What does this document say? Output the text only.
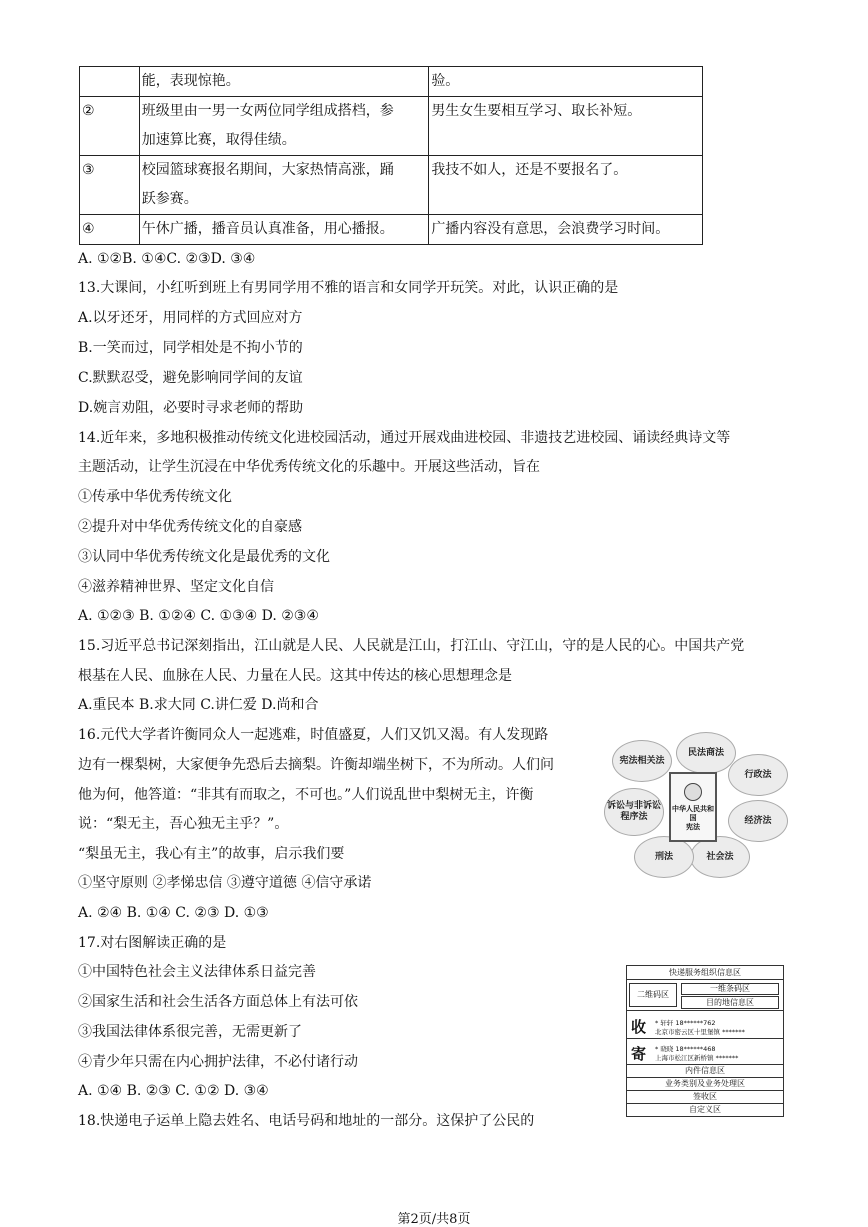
	能，表现惊艳。	验。

②	班级里由一男一女两位同学组成搭档，参
加速算比赛，取得佳绩。	男生女生要相互学习、取长补短。

③	校园篮球赛报名期间，大家热情高涨，踊
跃参赛。	我技不如人，还是不要报名了。

④	午休广播，播音员认真准备，用心播报。	广播内容没有意思，会浪费学习时间。
A. ①②B. ①④C. ②③D. ③④
13.大课间，小红听到班上有男同学用不雅的语言和女同学开玩笑。对此，认识正确的是
A.以牙还牙，用同样的方式回应对方
B.一笑而过，同学相处是不拘小节的
C.默默忍受，避免影响同学间的友谊
D.婉言劝阻，必要时寻求老师的帮助
14.近年来，多地积极推动传统文化进校园活动，通过开展戏曲进校园、非遗技艺进校园、诵读经典诗文等
主题活动，让学生沉浸在中华优秀传统文化的乐趣中。开展这些活动，旨在
①传承中华优秀传统文化
②提升对中华优秀传统文化的自豪感
③认同中华优秀传统文化是最优秀的文化
④滋养精神世界、坚定文化自信
A. ①②③ B. ①②④ C. ①③④ D. ②③④
15.习近平总书记深刻指出，江山就是人民、人民就是江山，打江山、守江山，守的是人民的心。中国共产党
根基在人民、血脉在人民、力量在人民。这其中传达的核心思想理念是
A.重民本 B.求大同 C.讲仁爱 D.尚和合
16.元代大学者许衡同众人一起逃难，时值盛夏，人们又饥又渴。有人发现路
边有一棵梨树，大家便争先恐后去摘梨。许衡却端坐树下，不为所动。人们问
他为何，他答道：“非其有而取之，不可也。”人们说乱世中梨树无主，许衡
说：“梨无主，吾心独无主乎？”。
“梨虽无主，我心有主”的故事，启示我们要
①坚守原则 ②孝悌忠信 ③遵守道德 ④信守承诺
A. ②④ B. ①④ C. ②③ D. ①③
17.对右图解读正确的是
①中国特色社会主义法律体系日益完善
②国家生活和社会生活各方面总体上有法可依
③我国法律体系很完善，无需更新了
④青少年只需在内心拥护法律，不必付诸行动
A. ①④ B. ②③ C. ①② D. ③④
18.快递电子运单上隐去姓名、电话号码和地址的一部分。这保护了公民的
宪法相关法
民法商法
行政法
经济法
社会法
刑法
诉讼与非诉讼程序法
中华人民共和国
宪法
快递服务组织信息区
二维码区
一维条码区
目的地信息区
收 * 轩轩 18******762
北京市密云区十里堡镇 *******
寄 * 晓晓 18******468
上海市松江区新桥镇 *******
内件信息区
业务类别及业务处理区
签收区
自定义区
第2页/共8页
